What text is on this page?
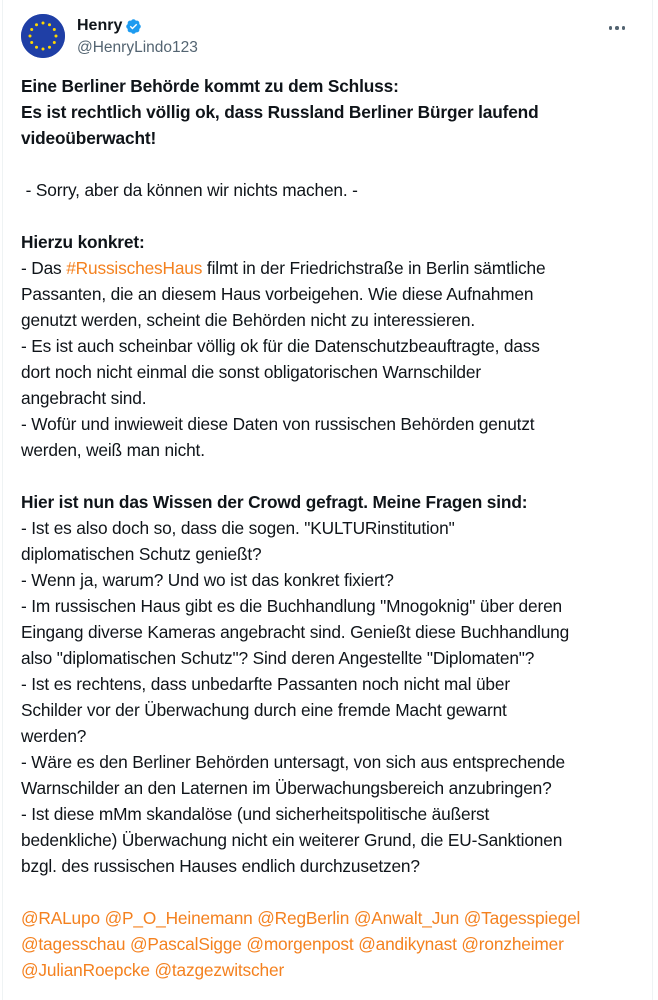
Henry
@HenryLindo123
Eine Berliner Behörde kommt zu dem Schluss:
Es ist rechtlich völlig ok, dass Russland Berliner Bürger laufend
videoüberwacht!
- Sorry, aber da können wir nichts machen. -
Hierzu konkret:
- Das #RussischesHaus filmt in der Friedrichstraße in Berlin sämtliche
Passanten, die an diesem Haus vorbeigehen. Wie diese Aufnahmen
genutzt werden, scheint die Behörden nicht zu interessieren.
- Es ist auch scheinbar völlig ok für die Datenschutzbeauftragte, dass
dort noch nicht einmal die sonst obligatorischen Warnschilder
angebracht sind.
- Wofür und inwieweit diese Daten von russischen Behörden genutzt
werden, weiß man nicht.
Hier ist nun das Wissen der Crowd gefragt. Meine Fragen sind:
- Ist es also doch so, dass die sogen. "KULTURinstitution"
diplomatischen Schutz genießt?
- Wenn ja, warum? Und wo ist das konkret fixiert?
- Im russischen Haus gibt es die Buchhandlung "Mnogoknig" über deren
Eingang diverse Kameras angebracht sind. Genießt diese Buchhandlung
also "diplomatischen Schutz"? Sind deren Angestellte "Diplomaten"?
- Ist es rechtens, dass unbedarfte Passanten noch nicht mal über
Schilder vor der Überwachung durch eine fremde Macht gewarnt
werden?
- Wäre es den Berliner Behörden untersagt, von sich aus entsprechende
Warnschilder an den Laternen im Überwachungsbereich anzubringen?
- Ist diese mMm skandalöse (und sicherheitspolitische äußerst
bedenkliche) Überwachung nicht ein weiterer Grund, die EU-Sanktionen
bzgl. des russischen Hauses endlich durchzusetzen?
@RALupo @P_O_Heinemann @RegBerlin @Anwalt_Jun @Tagesspiegel
@tagesschau @PascalSigge @morgenpost @andikynast @ronzheimer
@JulianRoepcke @tazgezwitscher
